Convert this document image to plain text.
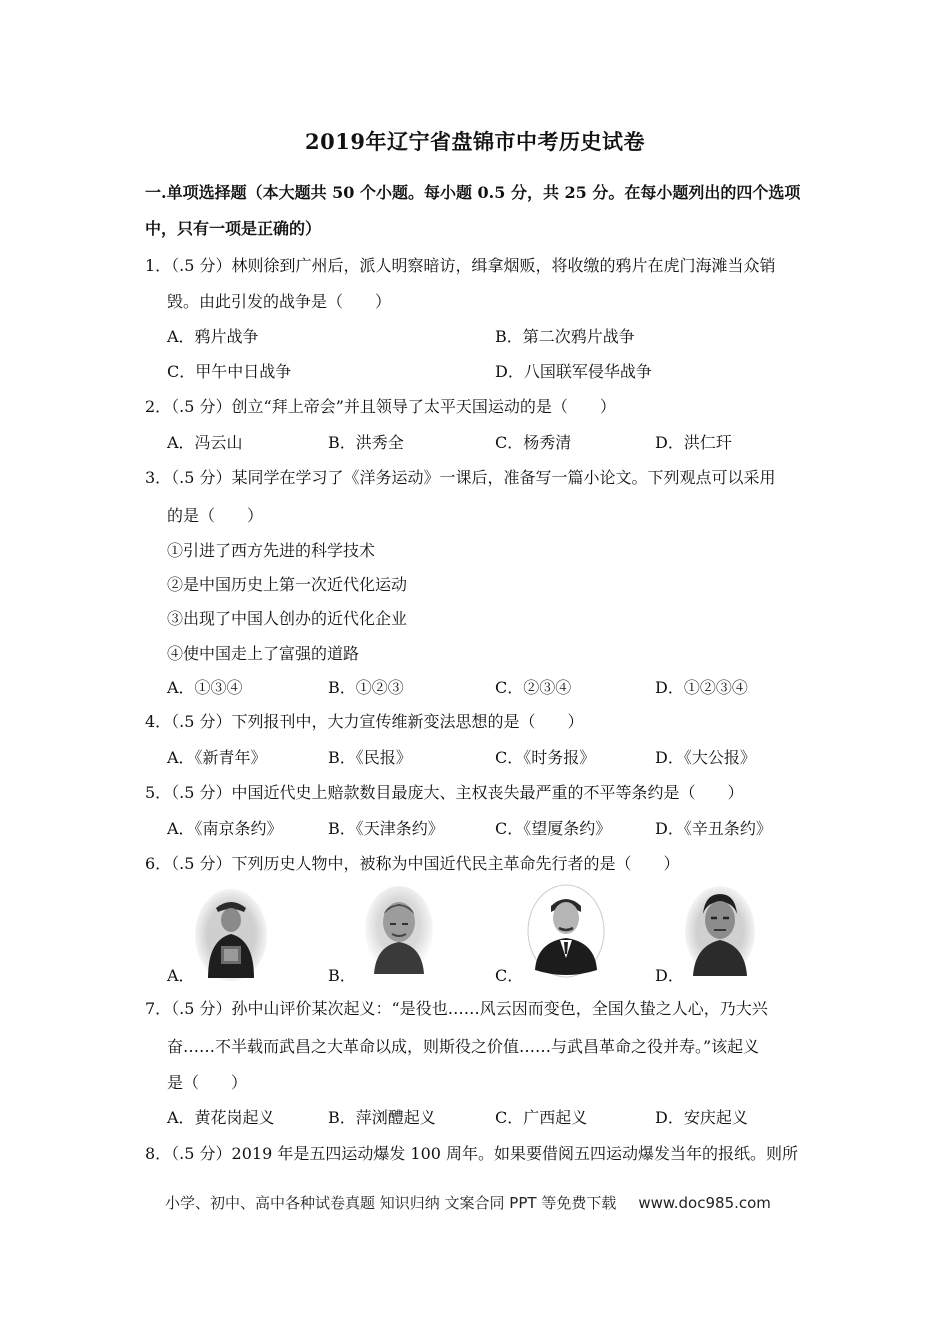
2019年辽宁省盘锦市中考历史试卷
一.单项选择题（本大题共 50 个小题。每小题 0.5 分，共 25 分。在每小题列出的四个选项
中，只有一项是正确的）
1．（.5 分）林则徐到广州后，派人明察暗访，缉拿烟贩，将收缴的鸦片在虎门海滩当众销
毁。由此引发的战争是（　　）
A．鸦片战争	B．第二次鸦片战争
C．甲午中日战争	D．八国联军侵华战争
2．（.5 分）创立“拜上帝会”并且领导了太平天国运动的是（　　）
A．冯云山	B．洪秀全	C．杨秀清	D．洪仁玕
3．（.5 分）某同学在学习了《洋务运动》一课后，准备写一篇小论文。下列观点可以采用
的是（　　）
①引进了西方先进的科学技术
②是中国历史上第一次近代化运动
③出现了中国人创办的近代化企业
④使中国走上了富强的道路
A．①③④	B．①②③	C．②③④	D．①②③④
4．（.5 分）下列报刊中，大力宣传维新变法思想的是（　　）
A．《新青年》	B．《民报》	C．《时务报》	D．《大公报》
5．（.5 分）中国近代史上赔款数目最庞大、主权丧失最严重的不平等条约是（　　）
A．《南京条约》	B．《天津条约》	C．《望厦条约》	D．《辛丑条约》
6．（.5 分）下列历史人物中，被称为中国近代民主革命先行者的是（　　）
A．	B．	C．	D．
7．（.5 分）孙中山评价某次起义：“是役也……风云因而变色，全国久蛰之人心，乃大兴
奋……不半载而武昌之大革命以成，则斯役之价值……与武昌革命之役并寿。”该起义
是（　　）
A．黄花岗起义	B．萍浏醴起义	C．广西起义	D．安庆起义
8．（.5 分）2019 年是五四运动爆发 100 周年。如果要借阅五四运动爆发当年的报纸。则所
小学、初中、高中各种试卷真题 知识归纳 文案合同 PPT 等免费下载 www.doc985.com
